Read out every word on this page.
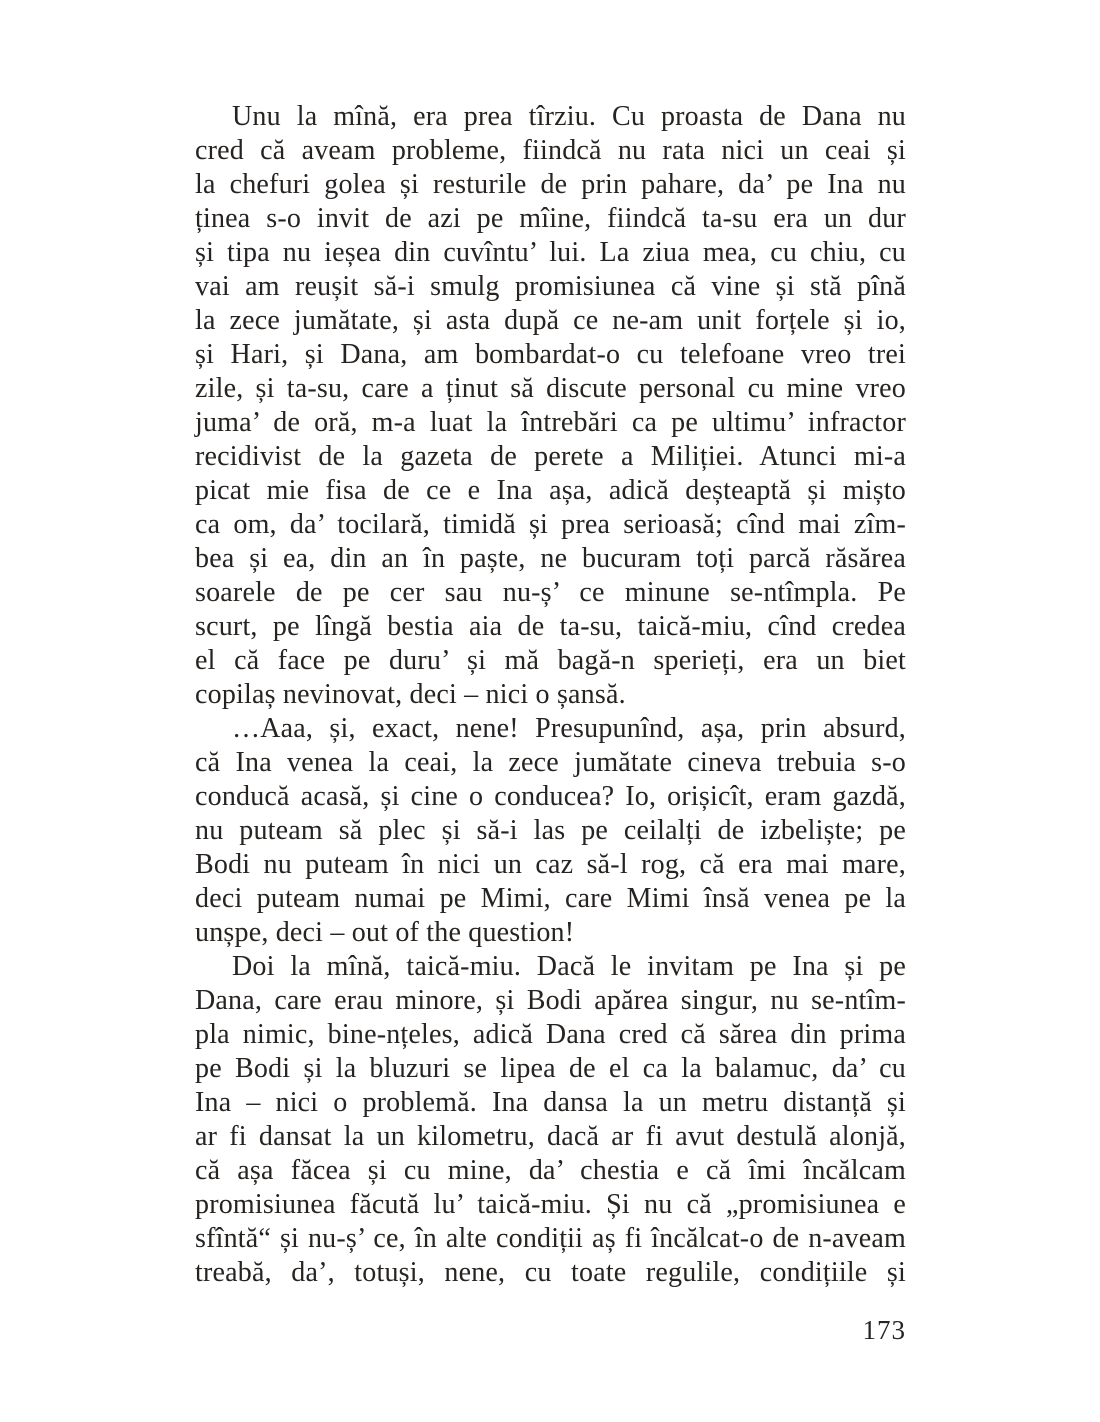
Unu la mînă, era prea tîrziu. Cu proasta de Dana nu
cred că aveam probleme, fiindcă nu rata nici un ceai și
la chefuri golea și resturile de prin pahare, da’ pe Ina nu
ținea s-o invit de azi pe mîine, fiindcă ta-su era un dur
și tipa nu ieșea din cuvîntu’ lui. La ziua mea, cu chiu, cu
vai am reușit să-i smulg promisiunea că vine și stă pînă
la zece jumătate, și asta după ce ne-am unit forțele și io,
și Hari, și Dana, am bombardat-o cu telefoane vreo trei
zile, și ta-su, care a ținut să discute personal cu mine vreo
juma’ de oră, m-a luat la întrebări ca pe ultimu’ infractor
recidivist de la gazeta de perete a Miliției. Atunci mi-a
picat mie fisa de ce e Ina așa, adică deșteaptă și mișto
ca om, da’ tocilară, timidă și prea serioasă; cînd mai zîm-
bea și ea, din an în paște, ne bucuram toți parcă răsărea
soarele de pe cer sau nu-ș’ ce minune se-ntîmpla. Pe
scurt, pe lîngă bestia aia de ta-su, taică-miu, cînd credea
el că face pe duru’ și mă bagă-n sperieți, era un biet
copilaș nevinovat, deci – nici o șansă.
…Aaa, și, exact, nene! Presupunînd, așa, prin absurd,
că Ina venea la ceai, la zece jumătate cineva trebuia s-o
conducă acasă, și cine o conducea? Io, orișicît, eram gazdă,
nu puteam să plec și să-i las pe ceilalți de izbeliște; pe
Bodi nu puteam în nici un caz să-l rog, că era mai mare,
deci puteam numai pe Mimi, care Mimi însă venea pe la
unșpe, deci – out of the question!
Doi la mînă, taică-miu. Dacă le invitam pe Ina și pe
Dana, care erau minore, și Bodi apărea singur, nu se-ntîm-
pla nimic, bine-nțeles, adică Dana cred că sărea din prima
pe Bodi și la bluzuri se lipea de el ca la balamuc, da’ cu
Ina – nici o problemă. Ina dansa la un metru distanță și
ar fi dansat la un kilometru, dacă ar fi avut destulă alonjă,
că așa făcea și cu mine, da’ chestia e că îmi încălcam
promisiunea făcută lu’ taică-miu. Și nu că „promisiunea e
sfîntă“ și nu-ș’ ce, în alte condiții aș fi încălcat-o de n-aveam
treabă, da’, totuși, nene, cu toate regulile, condițiile și
173
